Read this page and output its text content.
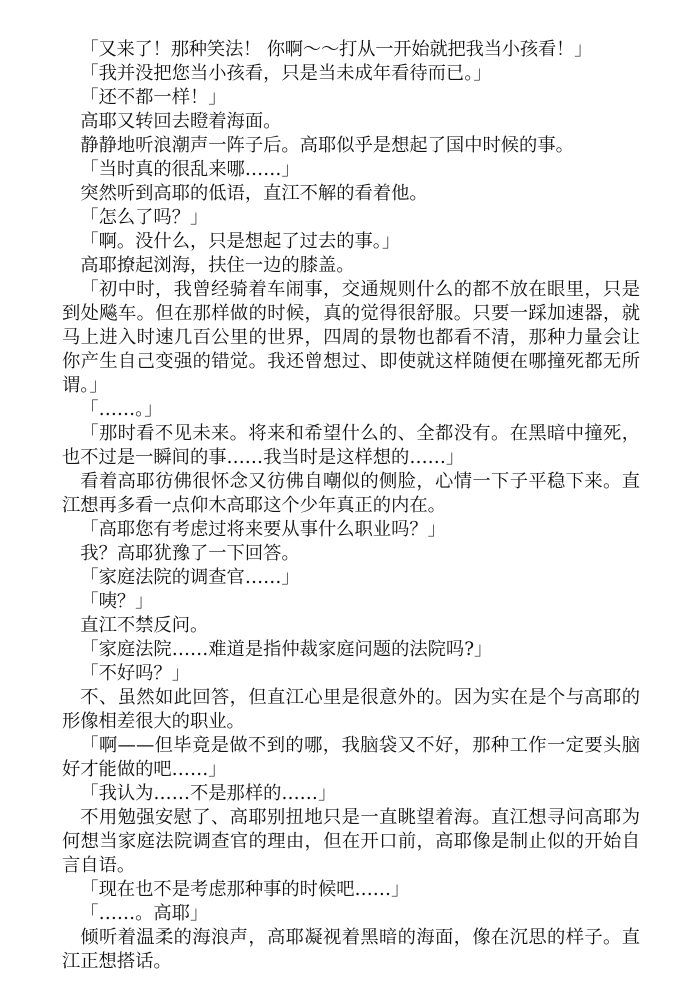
「又来了！那种笑法！ 你啊～～打从一开始就把我当小孩看！」

「我并没把您当小孩看，只是当未成年看待而已。」

「还不都一样！」

高耶又转回去瞪着海面。

静静地听浪潮声一阵子后。高耶似乎是想起了国中时候的事。

「当时真的很乱来哪……」

突然听到高耶的低语，直江不解的看着他。

「怎么了吗？」

「啊。没什么，只是想起了过去的事。」

高耶撩起浏海，扶住一边的膝盖。

「初中时，我曾经骑着车闹事，交通规则什么的都不放在眼里，只是到处飚车。但在那样做的时候，真的觉得很舒服。只要一踩加速器，就马上进入时速几百公里的世界，四周的景物也都看不清，那种力量会让你产生自己变强的错觉。我还曾想过、即使就这样随便在哪撞死都无所谓。」

「……。」

「那时看不见未来。将来和希望什么的、全都没有。在黑暗中撞死，也不过是一瞬间的事……我当时是这样想的……」

看着高耶彷佛很怀念又彷佛自嘲似的侧脸，心情一下子平稳下来。直江想再多看一点仰木高耶这个少年真正的内在。

「高耶您有考虑过将来要从事什么职业吗？」

我？高耶犹豫了一下回答。

「家庭法院的调查官……」

「咦？」

直江不禁反问。

「家庭法院……难道是指仲裁家庭问题的法院吗?」

「不好吗？」

不、虽然如此回答，但直江心里是很意外的。因为实在是个与高耶的形像相差很大的职业。

「啊——但毕竟是做不到的哪，我脑袋又不好，那种工作一定要头脑好才能做的吧……」

「我认为……不是那样的……」

不用勉强安慰了、高耶别扭地只是一直眺望着海。直江想寻问高耶为何想当家庭法院调查官的理由，但在开口前，高耶像是制止似的开始自言自语。

「现在也不是考虑那种事的时候吧……」

「……。高耶」

倾听着温柔的海浪声，高耶凝视着黑暗的海面，像在沉思的样子。直江正想搭话。
